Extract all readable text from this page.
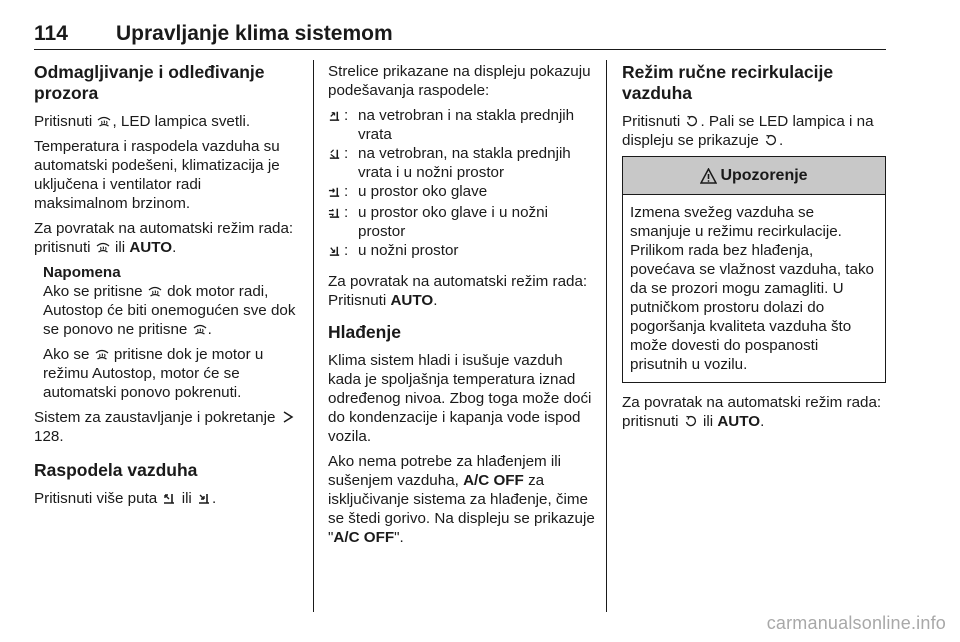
114 Upravljanje klima sistemom
Odmagljivanje i odleđivanje prozora

Pritisnuti
, LED lampica svetli.

Temperatura i raspodela vazduha su automatski podešeni, klimatizacija je uključena i ventilator radi maksimalnom brzinom.

Za povratak na automatski režim rada: pritisnuti
ili AUTO.

Napomena

Ako se pritisne
dok motor radi, Autostop će biti onemogućen sve dok se ponovo ne pritisne
.

Ako se
pritisne dok je motor u režimu Autostop, motor će se automatski ponovo pokrenuti.

Sistem za zaustavljanje i pokretanje
128.

Raspodela vazduha

Pritisnuti više puta
ili
.

Strelice prikazane na displeju pokazuju podešavanja raspodele:

: na vetrobran i na stakla prednjih vrata
: na vetrobran, na stakla prednjih vrata i u nožni prostor
: u prostor oko glave
: u prostor oko glave i u nožni prostor
: u nožni prostor

Za povratak na automatski režim rada: Pritisnuti AUTO.

Hlađenje

Klima sistem hladi i isušuje vazduh kada je spoljašnja temperatura iznad određenog nivoa. Zbog toga može doći do kondenzacije i kapanja vode ispod vozila.

Ako nema potrebe za hlađenjem ili sušenjem vazduha, A/C OFF za isključivanje sistema za hlađenje, čime se štedi gorivo. Na displeju se prikazuje "A/C OFF".

Režim ručne recirkulacije vazduha

Pritisnuti
. Pali se LED lampica i na displeju se prikazuje
.

Upozorenje
Izmena svežeg vazduha se smanjuje u režimu recirkulacije. Prilikom rada bez hlađenja, povećava se vlažnost vazduha, tako da se prozori mogu zamagliti. U putničkom prostoru dolazi do pogoršanja kvaliteta vazduha što može dovesti do pospanosti prisutnih u vozilu.

Za povratak na automatski režim rada: pritisnuti
ili AUTO.

carmanualsonline.info
